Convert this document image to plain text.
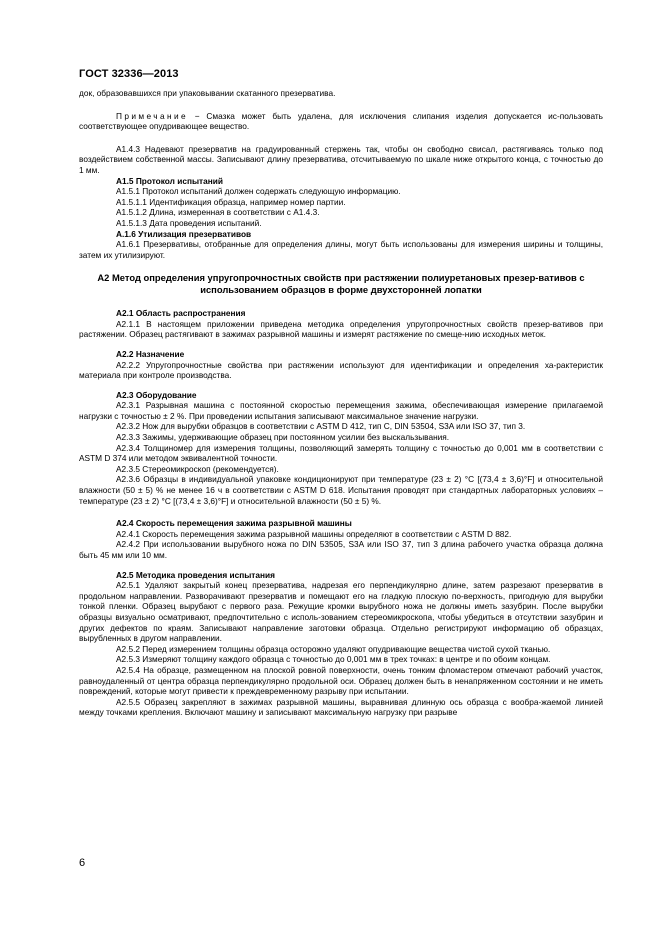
ГОСТ 32336—2013

док, образовавшихся при упаковывании скатанного презерватива.

Примечание − Смазка может быть удалена, для исключения слипания изделия допускается ис-пользовать соответствующее опудривающее вещество.

А1.4.3 Надевают презерватив на градуированный стержень так, чтобы он свободно свисал, растягиваясь только под воздействием собственной массы. Записывают длину презерватива, отсчитываемую по шкале ниже открытого конца, с точностью до 1 мм.

А1.5 Протокол испытаний

А1.5.1 Протокол испытаний должен содержать следующую информацию.

А1.5.1.1 Идентификация образца, например номер партии.

А1.5.1.2 Длина, измеренная в соответствии с А1.4.3.

А1.5.1.3 Дата проведения испытаний.

А.1.6 Утилизация презервативов

А1.6.1 Презервативы, отобранные для определения длины, могут быть использованы для измерения ширины и толщины, затем их утилизируют.

А2 Метод определения упругопрочностных свойств при растяжении полиуретановых презер-вативов с использованием образцов в форме двухсторонней лопатки

А2.1 Область распространения

А2.1.1 В настоящем приложении приведена методика определения упругопрочностных свойств презер-вативов при растяжении. Образец растягивают в зажимах разрывной машины и измерят растяжение по смеще-нию исходных меток.

А2.2 Назначение

А2.2.2 Упругопрочностные свойства при растяжении используют для идентификации и определения ха-рактеристик материала при контроле производства.

А2.3 Оборудование

А2.3.1 Разрывная машина с постоянной скоростью перемещения зажима, обеспечивающая измерение прилагаемой нагрузки с точностью ± 2 %. При проведении испытания записывают максимальное значение нагрузки.

А2.3.2 Нож для вырубки образцов в соответствии с ASTM D 412, тип С, DIN 53504, S3A или ISO 37, тип 3.

А2.3.3 Зажимы, удерживающие образец при постоянном усилии без выскальзывания.

А2.3.4 Толщиномер для измерения толщины, позволяющий замерять толщину с точностью до 0,001 мм в соответствии с ASTM D 374 или методом эквивалентной точности.

А2.3.5 Стереомикроскоп (рекомендуется).

А2.3.6 Образцы в индивидуальной упаковке кондиционируют при температуре (23 ± 2) °С [(73,4 ± 3,6)°F] и относительной влажности (50 ± 5) % не менее 16 ч в соответствии с ASTM D 618. Испытания проводят при стандартных лабораторных условиях – температуре (23 ± 2) °С [(73,4 ± 3,6)°F] и относительной влажности (50 ± 5) %.

А2.4 Скорость перемещения зажима разрывной машины

А2.4.1 Скорость перемещения зажима разрывной машины определяют в соответствии с ASTM D 882.

А2.4.2 При использовании вырубного ножа по DIN 53505, S3A или ISO 37, тип 3 длина рабочего участка образца должна быть 45 мм или 10 мм.

А2.5 Методика проведения испытания

А2.5.1 Удаляют закрытый конец презерватива, надрезая его перпендикулярно длине, затем разрезают презерватив в продольном направлении. Разворачивают презерватив и помещают его на гладкую плоскую по-верхность, пригодную для вырубки тонкой пленки. Образец вырубают с первого раза. Режущие кромки вырубного ножа не должны иметь зазубрин. После вырубки образцы визуально осматривают, предпочтительно с исполь-зованием стереомикроскопа, чтобы убедиться в отсутствии зазубрин и других дефектов по краям. Записывают направление заготовки образца. Отдельно регистрируют информацию об образцах, вырубленных в другом направлении.

А2.5.2 Перед измерением толщины образца осторожно удаляют опудривающие вещества чистой сухой тканью.

А2.5.3 Измеряют толщину каждого образца с точностью до 0,001 мм в трех точках: в центре и по обоим концам.

А2.5.4 На образце, размещенном на плоской ровной поверхности, очень тонким фломастером отмечают рабочий участок, равноудаленный от центра образца перпендикулярно продольной оси. Образец должен быть в ненапряженном состоянии и не иметь повреждений, которые могут привести к преждевременному разрыву при испытании.

А2.5.5 Образец закрепляют в зажимах разрывной машины, выравнивая длинную ось образца с вообра-жаемой линией между точками крепления. Включают машину и записывают максимальную нагрузку при разрыве

6
